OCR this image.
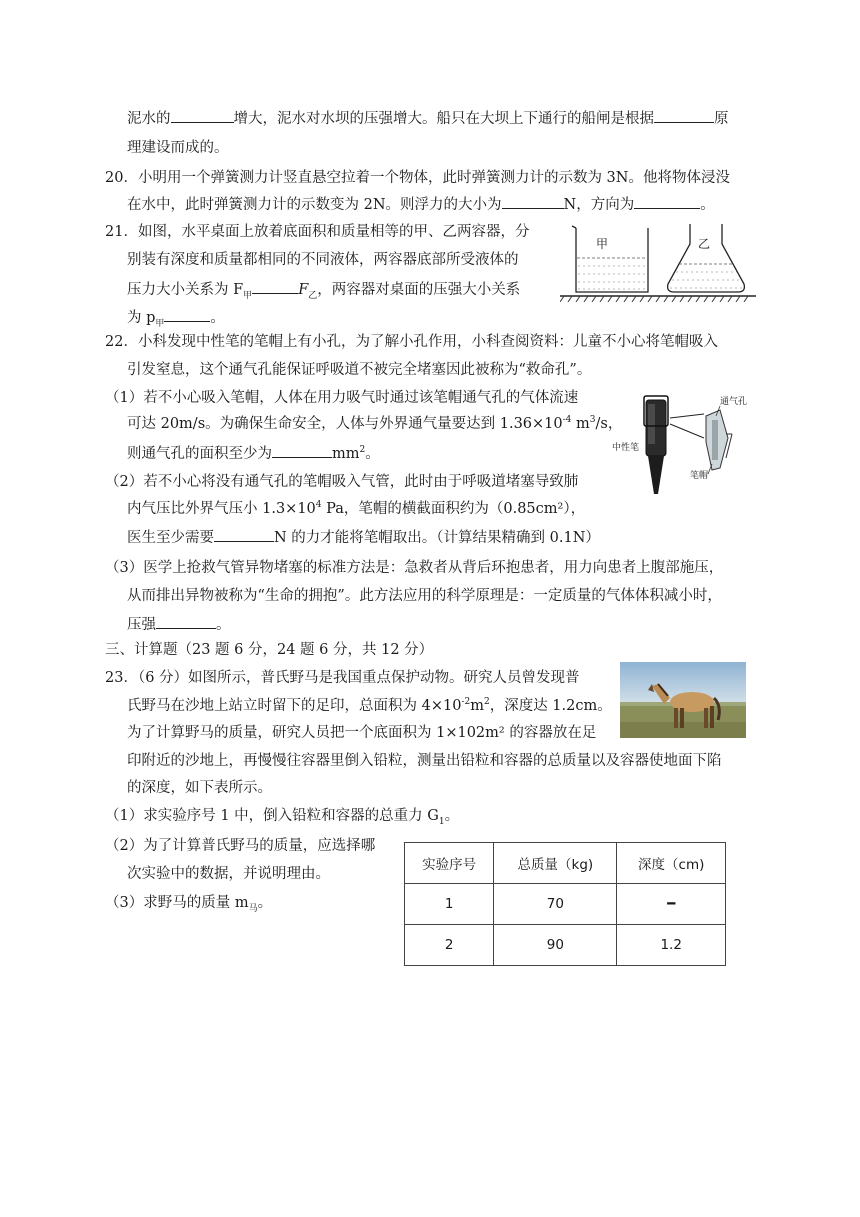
泥水的	增大，泥水对水坝的压强增大。船只在大坝上下通行的船闸是根据	原
理建设而成的。
20．小明用一个弹簧测力计竖直悬空拉着一个物体，此时弹簧测力计的示数为 3N。他将物体浸没
在水中，此时弹簧测力计的示数变为 2N。则浮力的大小为	N，方向为	。
21．如图，水平桌面上放着底面积和质量相等的甲、乙两容器，分
别装有深度和质量都相同的不同液体，两容器底部所受液体的
压力大小关系为 $F_甲$	$F_乙$，两容器对桌面的压强大小关系
为 $p_甲$	。
甲	乙
22．小科发现中性笔的笔帽上有小孔，为了解小孔作用，小科查阅资料：儿童不小心将笔帽吸入
引发窒息，这个通气孔能保证呼吸道不被完全堵塞因此被称为“救命孔”。
（1）若不小心吸入笔帽，人体在用力吸气时通过该笔帽通气孔的气体流速
可达 20m/s。为确保生命安全，人体与外界通气量要达到 $1.36\times 10^{-4}$ $m^3/s$，
则通气孔的面积至少为	$mm^2$。
（2）若不小心将没有通气孔的笔帽吸入气管，此时由于呼吸道堵塞导致肺
内气压比外界气压小 $1.3\times 10^4$ Pa，笔帽的横截面积约为（0.85cm²），
医生至少需要	N 的力才能将笔帽取出。（计算结果精确到 0.1N）
通气孔
中性笔
笔帽
（3）医学上抢救气管异物堵塞的标准方法是：急救者从背后环抱患者，用力向患者上腹部施压，
从而排出异物被称为“生命的拥抱”。此方法应用的科学原理是：一定质量的气体体积减小时，
压强	。
三、计算题（23 题 6 分，24 题 6 分，共 12 分）
23．（6 分）如图所示，普氏野马是我国重点保护动物。研究人员曾发现普
氏野马在沙地上站立时留下的足印，总面积为 $4\times 10^{-2}m^2$，深度达 1.2cm。
为了计算野马的质量，研究人员把一个底面积为 1×102m² 的容器放在足
印附近的沙地上，再慢慢往容器里倒入铅粒，测量出铅粒和容器的总质量以及容器使地面下陷
的深度，如下表所示。
（1）求实验序号 1 中，倒入铅粒和容器的总重力 $G_1$。
（2）为了计算普氏野马的质量，应选择哪
次实验中的数据，并说明理由。
（3）求野马的质量 $m_马$。
实验序号	总质量（kg)	深度（cm)
1	70	━
2	90	1.2
